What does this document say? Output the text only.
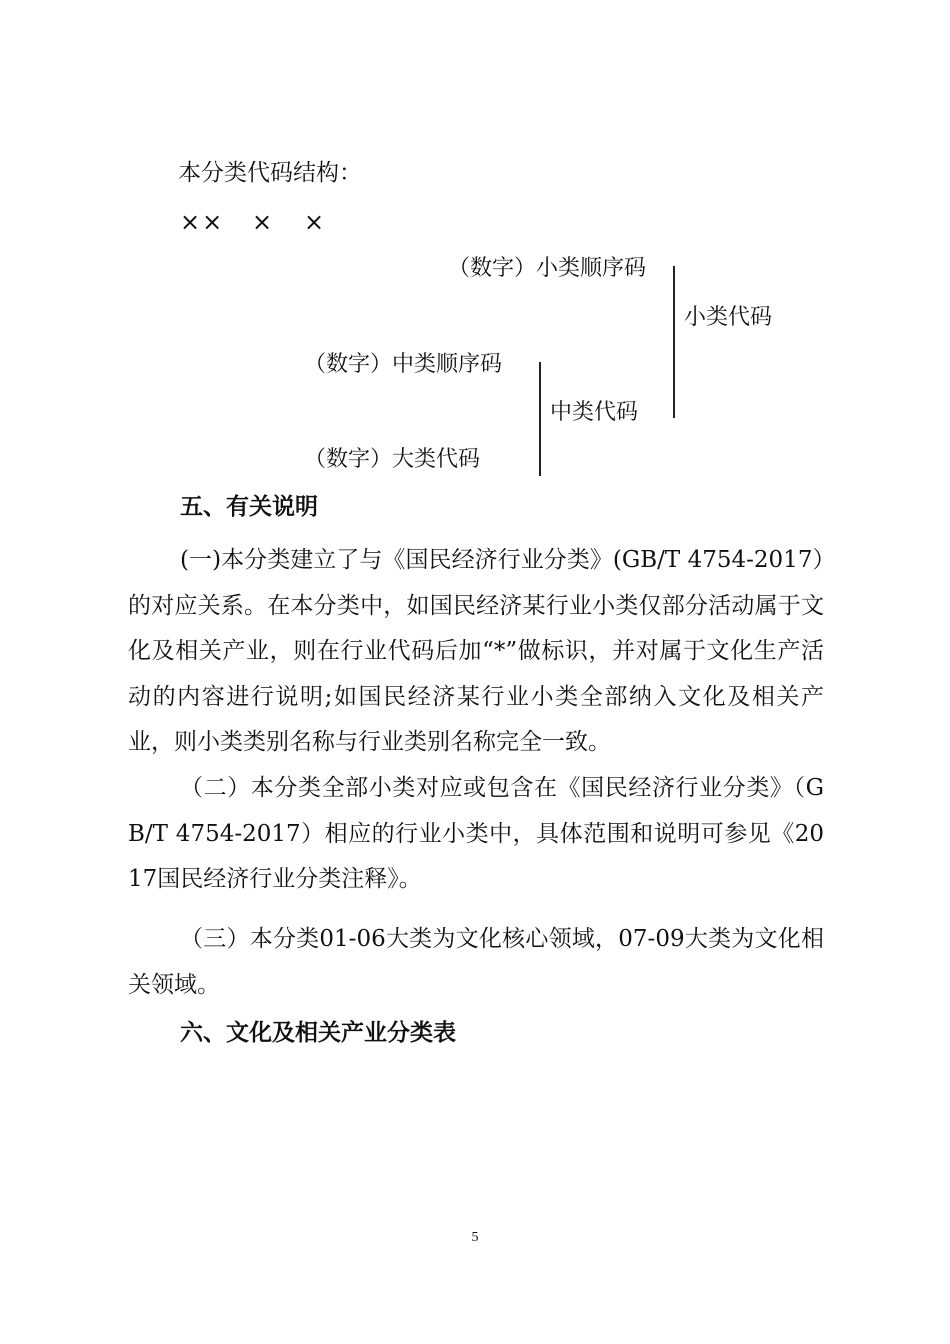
本分类代码结构：
×× × ×
（数字）小类顺序码
小类代码
（数字）中类顺序码
中类代码
（数字）大类代码
五、有关说明
(一)本分类建立了与《国民经济行业分类》(GB/T 4754-2017）的对应关系。在本分类中，如国民经济某行业小类仅部分活动属于文化及相关产业，则在行业代码后加“*”做标识，并对属于文化生产活动的内容进行说明;如国民经济某行业小类全部纳入文化及相关产业，则小类类别名称与行业类别名称完全一致。
（二）本分类全部小类对应或包含在《国民经济行业分类》（GB/T 4754-2017）相应的行业小类中，具体范围和说明可参见《2017国民经济行业分类注释》。
（三）本分类01-06大类为文化核心领域，07-09大类为文化相关领域。
六、文化及相关产业分类表
5
